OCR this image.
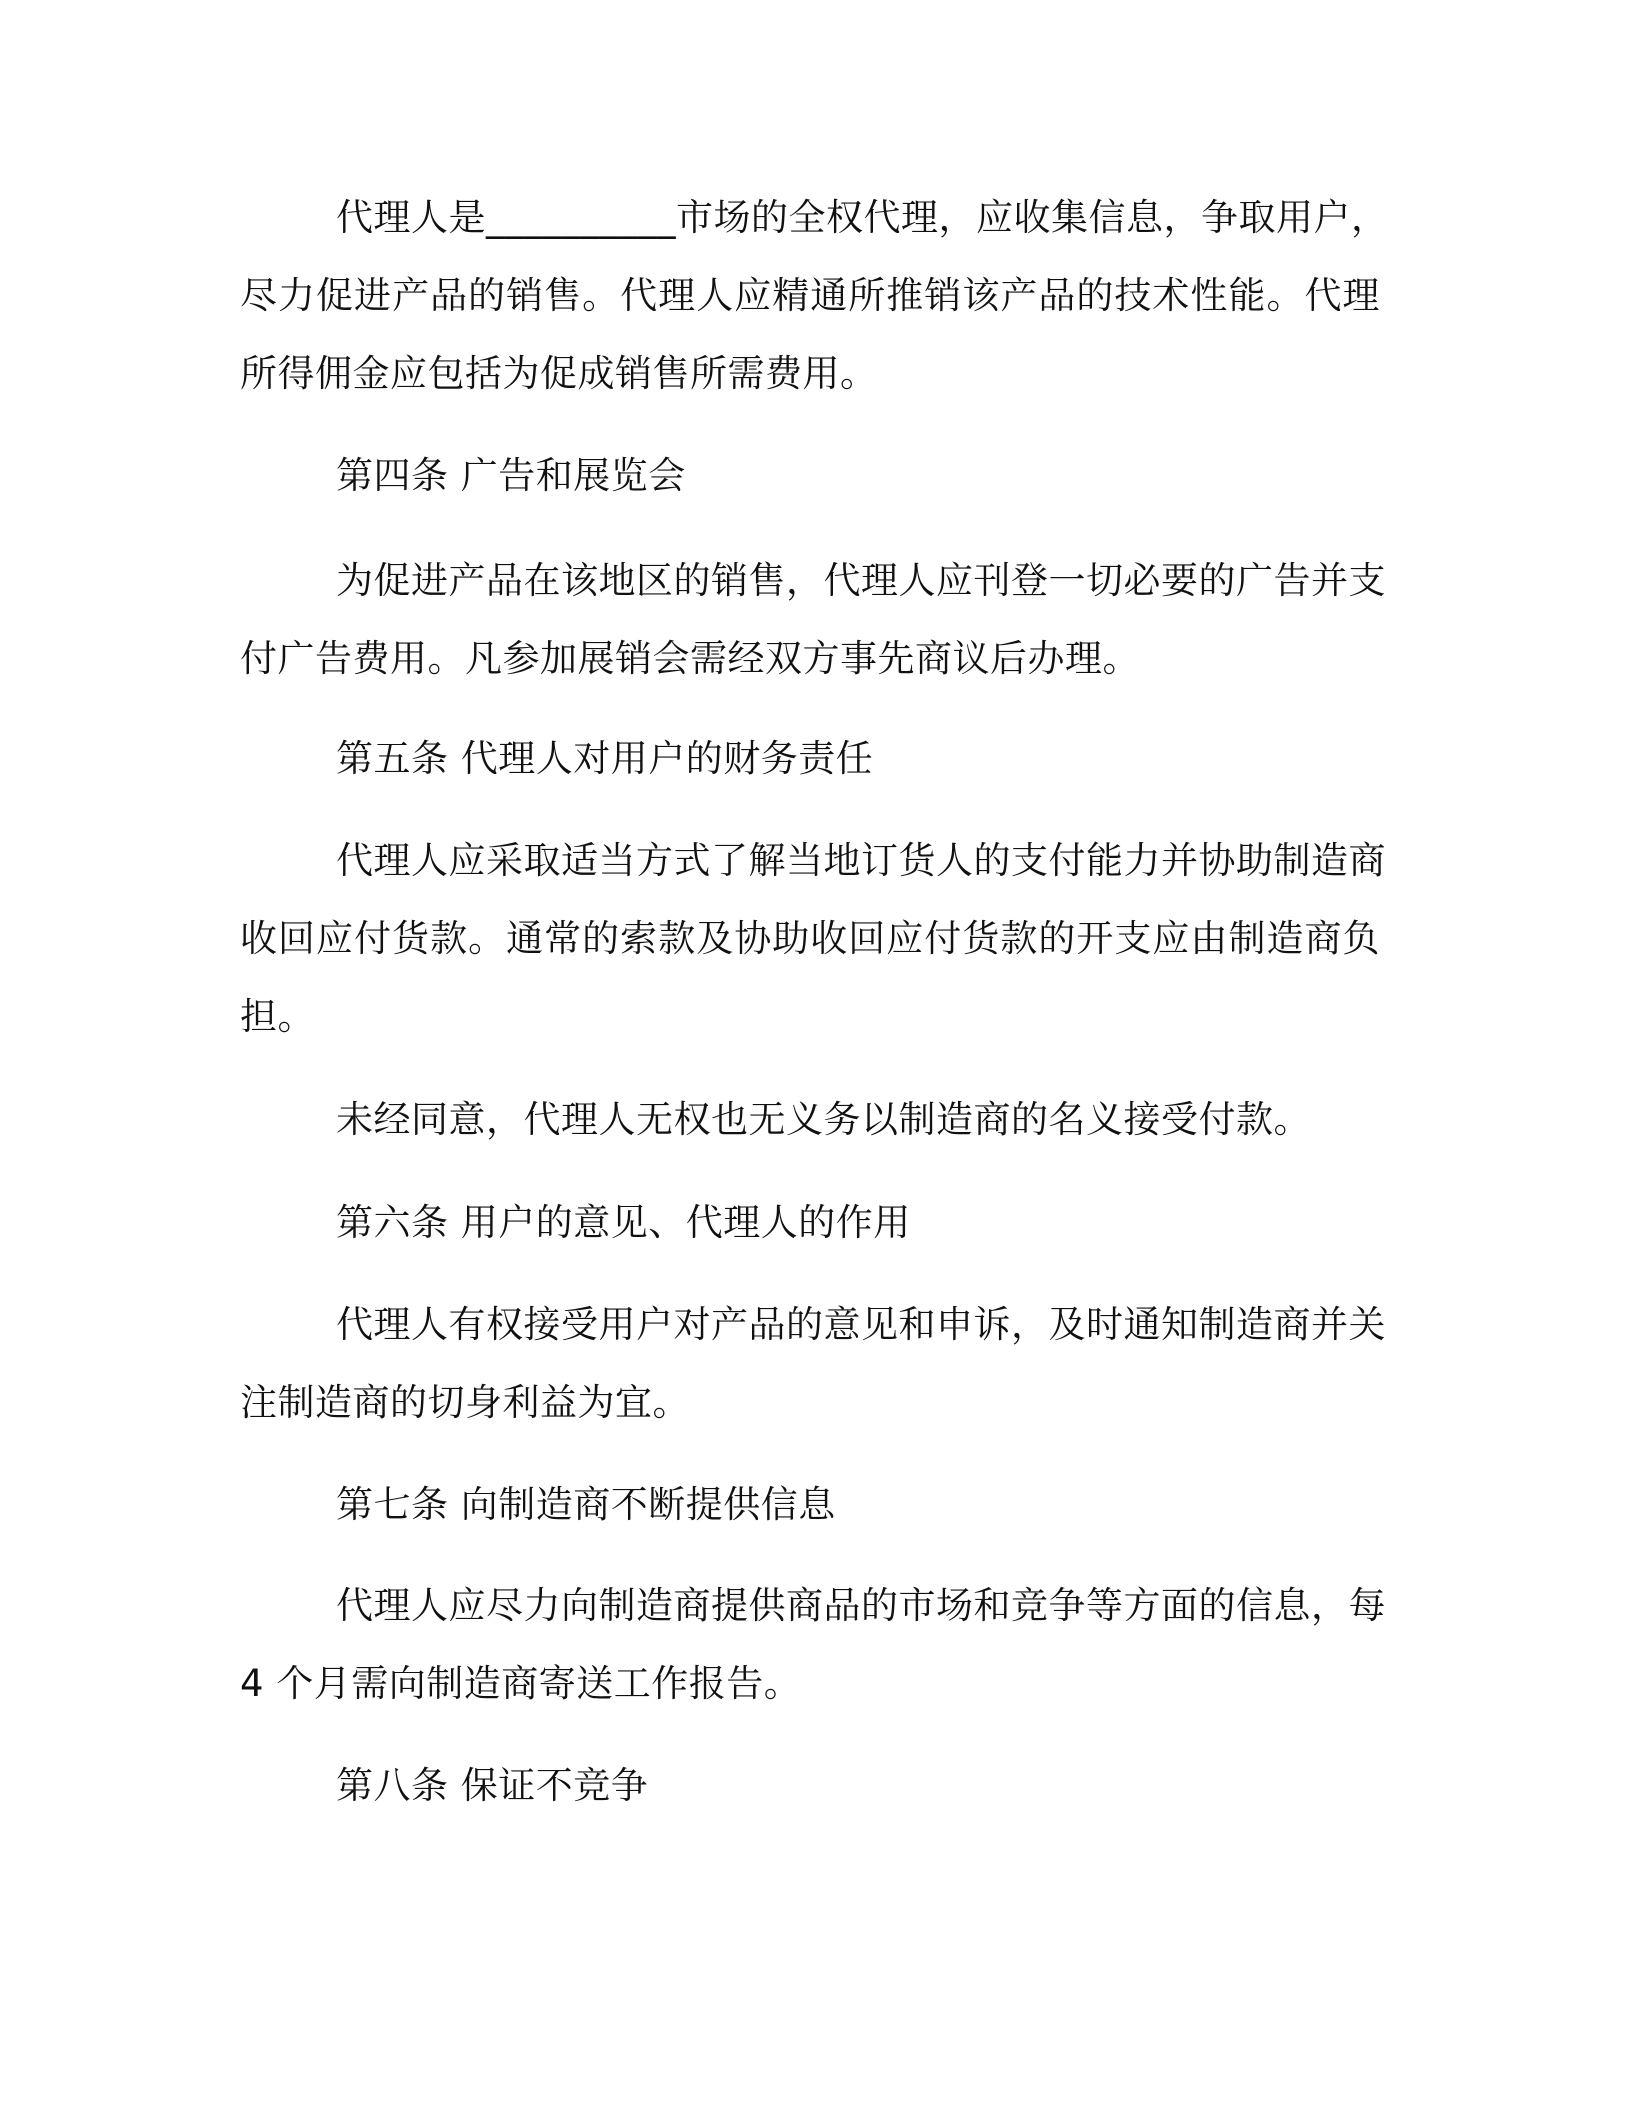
代理人是__________市场的全权代理，应收集信息，争取用户，
尽力促进产品的销售。代理人应精通所推销该产品的技术性能。代理
所得佣金应包括为促成销售所需费用。
第四条 广告和展览会
为促进产品在该地区的销售，代理人应刊登一切必要的广告并支
付广告费用。凡参加展销会需经双方事先商议后办理。
第五条 代理人对用户的财务责任
代理人应采取适当方式了解当地订货人的支付能力并协助制造商
收回应付货款。通常的索款及协助收回应付货款的开支应由制造商负
担。
未经同意，代理人无权也无义务以制造商的名义接受付款。
第六条 用户的意见、代理人的作用
代理人有权接受用户对产品的意见和申诉，及时通知制造商并关
注制造商的切身利益为宜。
第七条 向制造商不断提供信息
代理人应尽力向制造商提供商品的市场和竞争等方面的信息，每
4 个月需向制造商寄送工作报告。
第八条 保证不竞争
